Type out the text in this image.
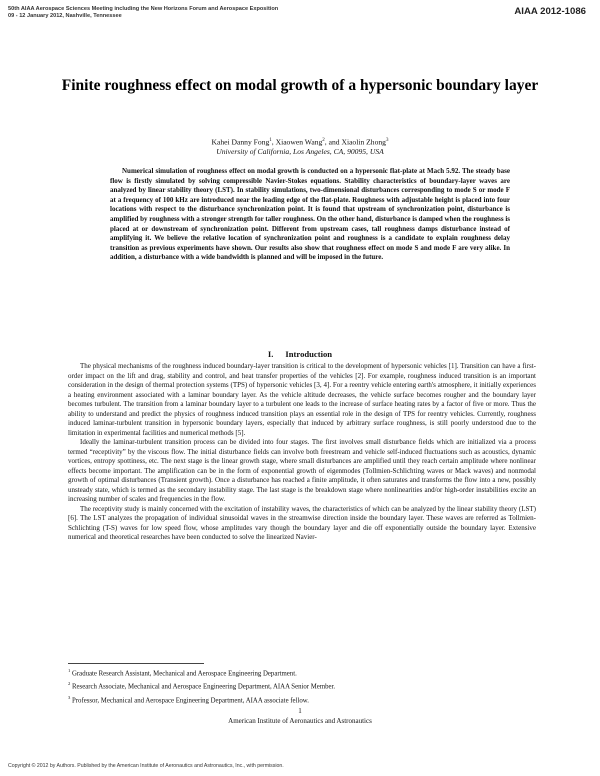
50th AIAA Aerospace Sciences Meeting including the New Horizons Forum and Aerospace Exposition
09 - 12 January 2012, Nashville, Tennessee	AIAA 2012-1086
Finite roughness effect on modal growth of a hypersonic boundary layer
Kahei Danny Fong$^1$, Xiaowen Wang$^2$, and Xiaolin Zhong$^3$
University of California, Los Angeles, CA, 90095, USA

Numerical simulation of roughness effect on modal growth is conducted on a hypersonic flat-plate at Mach 5.92. The steady base flow is firstly simulated by solving compressible Navier-Stokes equations. Stability characteristics of boundary-layer waves are analyzed by linear stability theory (LST). In stability simulations, two-dimensional disturbances corresponding to mode S or mode F at a frequency of 100 kHz are introduced near the leading edge of the flat-plate. Roughness with adjustable height is placed into four locations with respect to the disturbance synchronization point. It is found that upstream of synchronization point, disturbance is amplified by roughness with a stronger strength for taller roughness. On the other hand, disturbance is damped when the roughness is placed at or downstream of synchronization point. Different from upstream cases, tall roughness damps disturbance instead of amplifying it. We believe the relative location of synchronization point and roughness is a candidate to explain roughness delay transition as previous experiments have shown. Our results also show that roughness effect on mode S and mode F are very alike. In addition, a disturbance with a wide bandwidth is planned and will be imposed in the future.

I. Introduction

The physical mechanisms of the roughness induced boundary-layer transition is critical to the development of hypersonic vehicles [1]. Transition can have a first-order impact on the lift and drag, stability and control, and heat transfer properties of the vehicles [2]. For example, roughness induced transition is an important consideration in the design of thermal protection systems (TPS) of hypersonic vehicles [3, 4]. For a reentry vehicle entering earth's atmosphere, it initially experiences a heating environment associated with a laminar boundary layer. As the vehicle altitude decreases, the vehicle surface becomes rougher and the boundary layer becomes turbulent. The transition from a laminar boundary layer to a turbulent one leads to the increase of surface heating rates by a factor of five or more. Thus the ability to understand and predict the physics of roughness induced transition plays an essential role in the design of TPS for reentry vehicles. Currently, roughness induced laminar-turbulent transition in hypersonic boundary layers, especially that induced by arbitrary surface roughness, is still poorly understood due to the limitation in experimental facilities and numerical methods [5].

Ideally the laminar-turbulent transition process can be divided into four stages. The first involves small disturbance fields which are initialized via a process termed “receptivity” by the viscous flow. The initial disturbance fields can involve both freestream and vehicle self-induced fluctuations such as acoustics, dynamic vortices, entropy spottiness, etc. The next stage is the linear growth stage, where small disturbances are amplified until they reach certain amplitude where nonlinear effects become important. The amplification can be in the form of exponential growth of eigenmodes (Tollmien-Schlichting waves or Mack waves) and nonmodal growth of optimal disturbances (Transient growth). Once a disturbance has reached a finite amplitude, it often saturates and transforms the flow into a new, possibly unsteady state, which is termed as the secondary instability stage. The last stage is the breakdown stage where nonlinearities and/or high-order instabilities excite an increasing number of scales and frequencies in the flow.

The receptivity study is mainly concerned with the excitation of instability waves, the characteristics of which can be analyzed by the linear stability theory (LST) [6]. The LST analyzes the propagation of individual sinusoidal waves in the streamwise direction inside the boundary layer. These waves are referred as Tollmien-Schlichting (T-S) waves for low speed flow, whose amplitudes vary though the boundary layer and die off exponentially outside the boundary layer. Extensive numerical and theoretical researches have been conducted to solve the linearized Navier-

$^1$ Graduate Research Assistant, Mechanical and Aerospace Engineering Department.
$^2$ Research Associate, Mechanical and Aerospace Engineering Department, AIAA Senior Member.
$^3$ Professor, Mechanical and Aerospace Engineering Department, AIAA associate fellow.
1
American Institute of Aeronautics and Astronautics
Copyright © 2012 by Authors. Published by the American Institute of Aeronautics and Astronautics, Inc., with permission.
